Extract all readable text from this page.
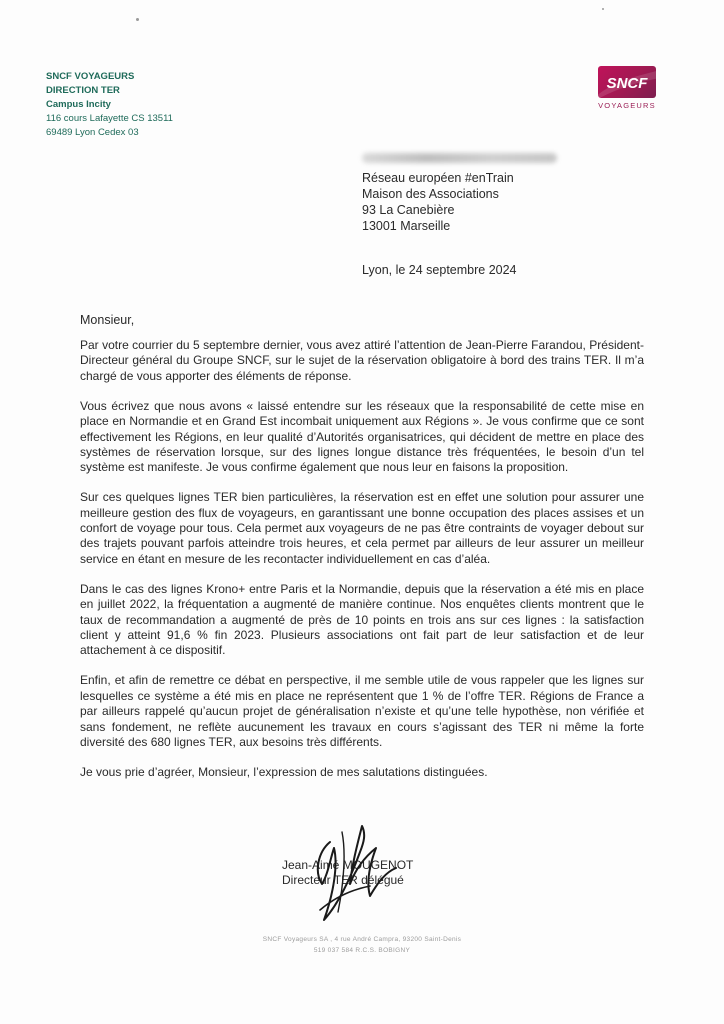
SNCF VOYAGEURS
DIRECTION TER
Campus Incity
116 cours Lafayette CS 13511
69489 Lyon Cedex 03
SNCF
VOYAGEURS
Réseau européen #enTrain
Maison des Associations
93 La Canebière
13001 Marseille
Lyon, le 24 septembre 2024
Monsieur,

Par votre courrier du 5 septembre dernier, vous avez attiré l’attention de Jean-Pierre Farandou, Président-Directeur général du Groupe SNCF, sur le sujet de la réservation obligatoire à bord des trains TER. Il m’a chargé de vous apporter des éléments de réponse.

Vous écrivez que nous avons « laissé entendre sur les réseaux que la responsabilité de cette mise en place en Normandie et en Grand Est incombait uniquement aux Régions ». Je vous confirme que ce sont effectivement les Régions, en leur qualité d’Autorités organisatrices, qui décident de mettre en place des systèmes de réservation lorsque, sur des lignes longue distance très fréquentées, le besoin d’un tel système est manifeste. Je vous confirme également que nous leur en faisons la proposition.

Sur ces quelques lignes TER bien particulières, la réservation est en effet une solution pour assurer une meilleure gestion des flux de voyageurs, en garantissant une bonne occupation des places assises et un confort de voyage pour tous. Cela permet aux voyageurs de ne pas être contraints de voyager debout sur des trajets pouvant parfois atteindre trois heures, et cela permet par ailleurs de leur assurer un meilleur service en étant en mesure de les recontacter individuellement en cas d’aléa.

Dans le cas des lignes Krono+ entre Paris et la Normandie, depuis que la réservation a été mis en place en juillet 2022, la fréquentation a augmenté de manière continue. Nos enquêtes clients montrent que le taux de recommandation a augmenté de près de 10 points en trois ans sur ces lignes : la satisfaction client y atteint 91,6 % fin 2023. Plusieurs associations ont fait part de leur satisfaction et de leur attachement à ce dispositif.

Enfin, et afin de remettre ce débat en perspective, il me semble utile de vous rappeler que les lignes sur lesquelles ce système a été mis en place ne représentent que 1 % de l’offre TER. Régions de France a par ailleurs rappelé qu’aucun projet de généralisation n’existe et qu’une telle hypothèse, non vérifiée et sans fondement, ne reflète aucunement les travaux en cours s’agissant des TER ni même la forte diversité des 680 lignes TER, aux besoins très différents.

Je vous prie d’agréer, Monsieur, l’expression de mes salutations distinguées.

Jean-Aimé MOUGENOT
Directeur TER délégué
SNCF Voyageurs SA , 4 rue André Campra, 93200 Saint-Denis
519 037 584 R.C.S. BOBIGNY
